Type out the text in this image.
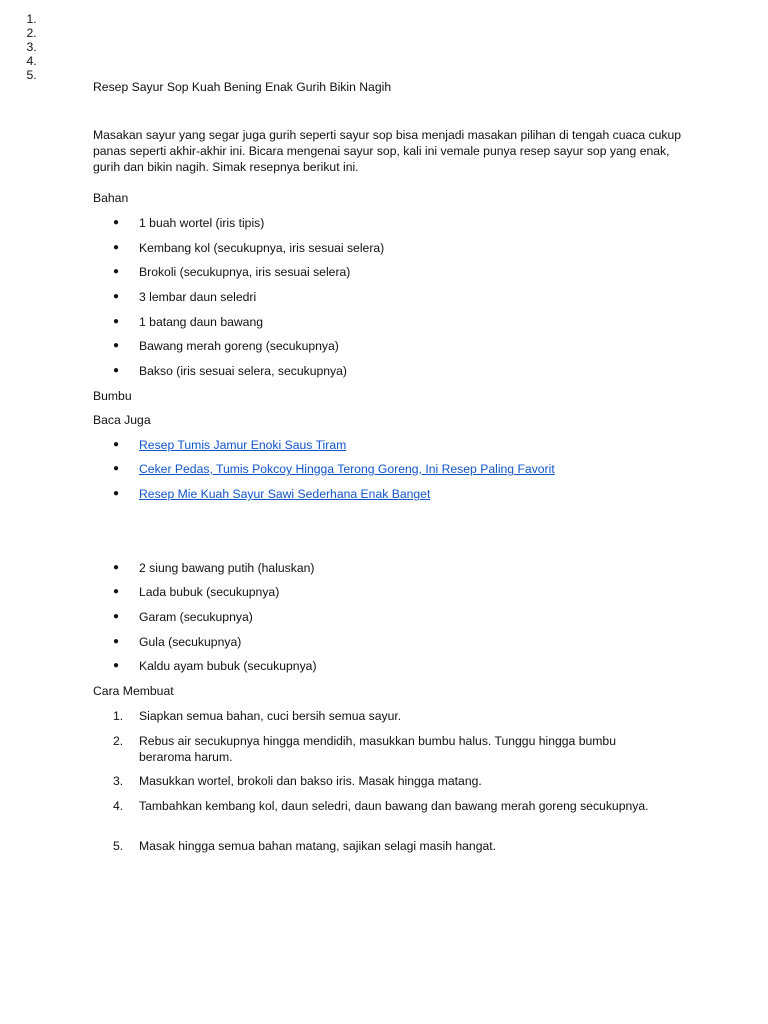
Resep Sayur Sop Kuah Bening Enak Gurih Bikin Nagih
Masakan sayur yang segar juga gurih seperti sayur sop bisa menjadi masakan pilihan di tengah cuaca cukup panas seperti akhir-akhir ini. Bicara mengenai sayur sop, kali ini vemale punya resep sayur sop yang enak, gurih dan bikin nagih. Simak resepnya berikut ini.
Bahan
● 1 buah wortel (iris tipis)
● Kembang kol (secukupnya, iris sesuai selera)
● Brokoli (secukupnya, iris sesuai selera)
● 3 lembar daun seledri
● 1 batang daun bawang
● Bawang merah goreng (secukupnya)
● Bakso (iris sesuai selera, secukupnya)
Bumbu
Baca Juga
● Resep Tumis Jamur Enoki Saus Tiram
● Ceker Pedas, Tumis Pokcoy Hingga Terong Goreng, Ini Resep Paling Favorit
● Resep Mie Kuah Sayur Sawi Sederhana Enak Banget
● 2 siung bawang putih (haluskan)
● Lada bubuk (secukupnya)
● Garam (secukupnya)
● Gula (secukupnya)
● Kaldu ayam bubuk (secukupnya)
Cara Membuat
1. 1. Siapkan semua bahan, cuci bersih semua sayur.
2. 2. Rebus air secukupnya hingga mendidih, masukkan bumbu halus. Tunggu hingga bumbu beraroma harum.
3. 3. Masukkan wortel, brokoli dan bakso iris. Masak hingga matang.
4. 4. Tambahkan kembang kol, daun seledri, daun bawang dan bawang merah goreng secukupnya.
5. 5. Masak hingga semua bahan matang, sajikan selagi masih hangat.
